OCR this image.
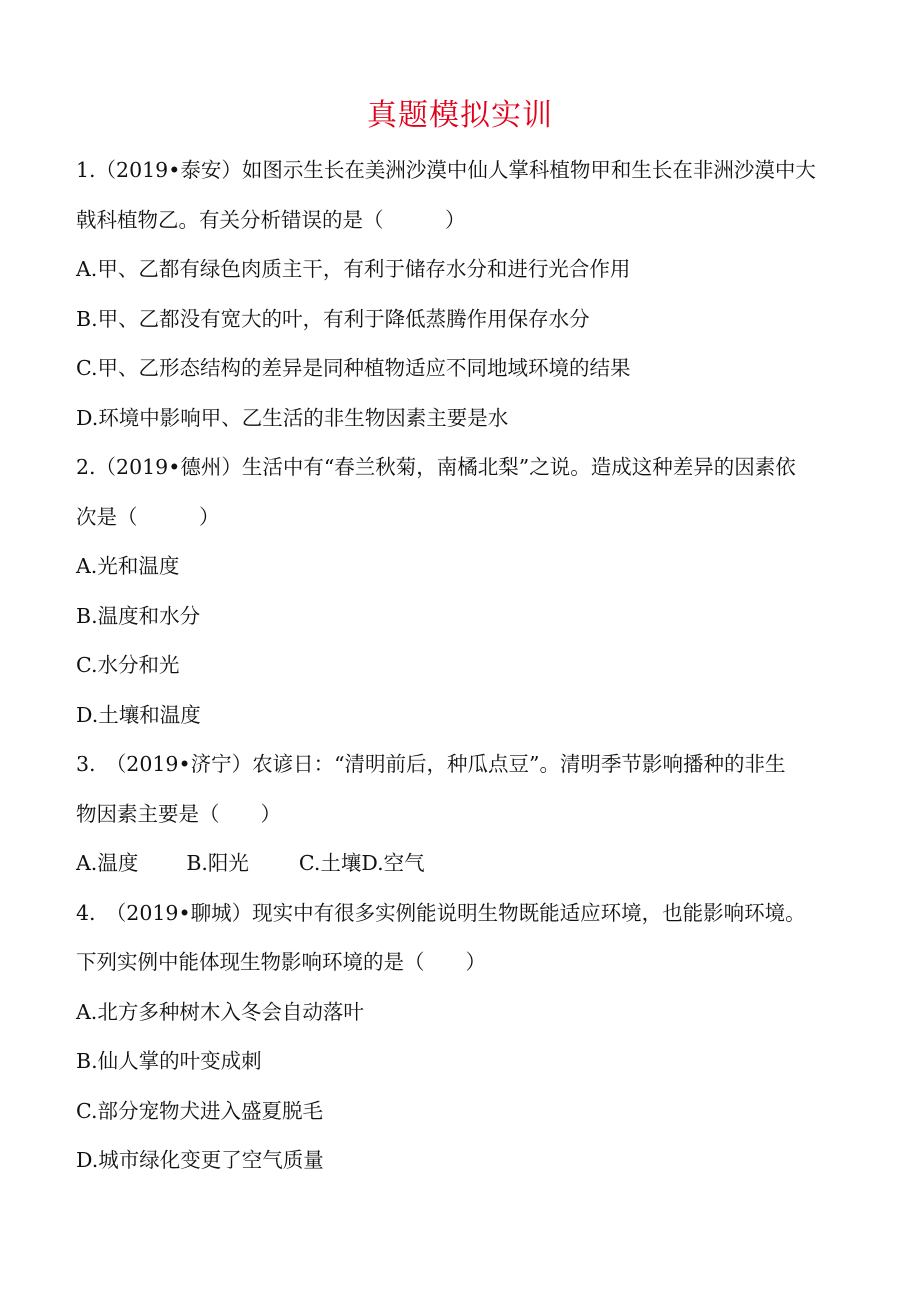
真题模拟实训
1.（2019•泰安）如图示生长在美洲沙漠中仙人掌科植物甲和生长在非洲沙漠中大
戟科植物乙。有关分析错误的是（　　　）
A.甲、乙都有绿色肉质主干，有利于储存水分和进行光合作用
B.甲、乙都没有宽大的叶，有利于降低蒸腾作用保存水分
C.甲、乙形态结构的差异是同种植物适应不同地域环境的结果
D.环境中影响甲、乙生活的非生物因素主要是水
2.（2019•德州）生活中有“春兰秋菊，南橘北梨”之说。造成这种差异的因素依
次是（　　　）
A.光和温度
B.温度和水分
C.水分和光
D.土壤和温度
3.　（2019•济宁）农谚日：“清明前后，种瓜点豆”。清明季节影响播种的非生
物因素主要是（　　）
A.温度 B.阳光 C.土壤D.空气
4.　（2019•聊城）现实中有很多实例能说明生物既能适应环境，也能影响环境。
下列实例中能体现生物影响环境的是（　　）
A.北方多种树木入冬会自动落叶
B.仙人掌的叶变成刺
C.部分宠物犬进入盛夏脱毛
D.城市绿化变更了空气质量
